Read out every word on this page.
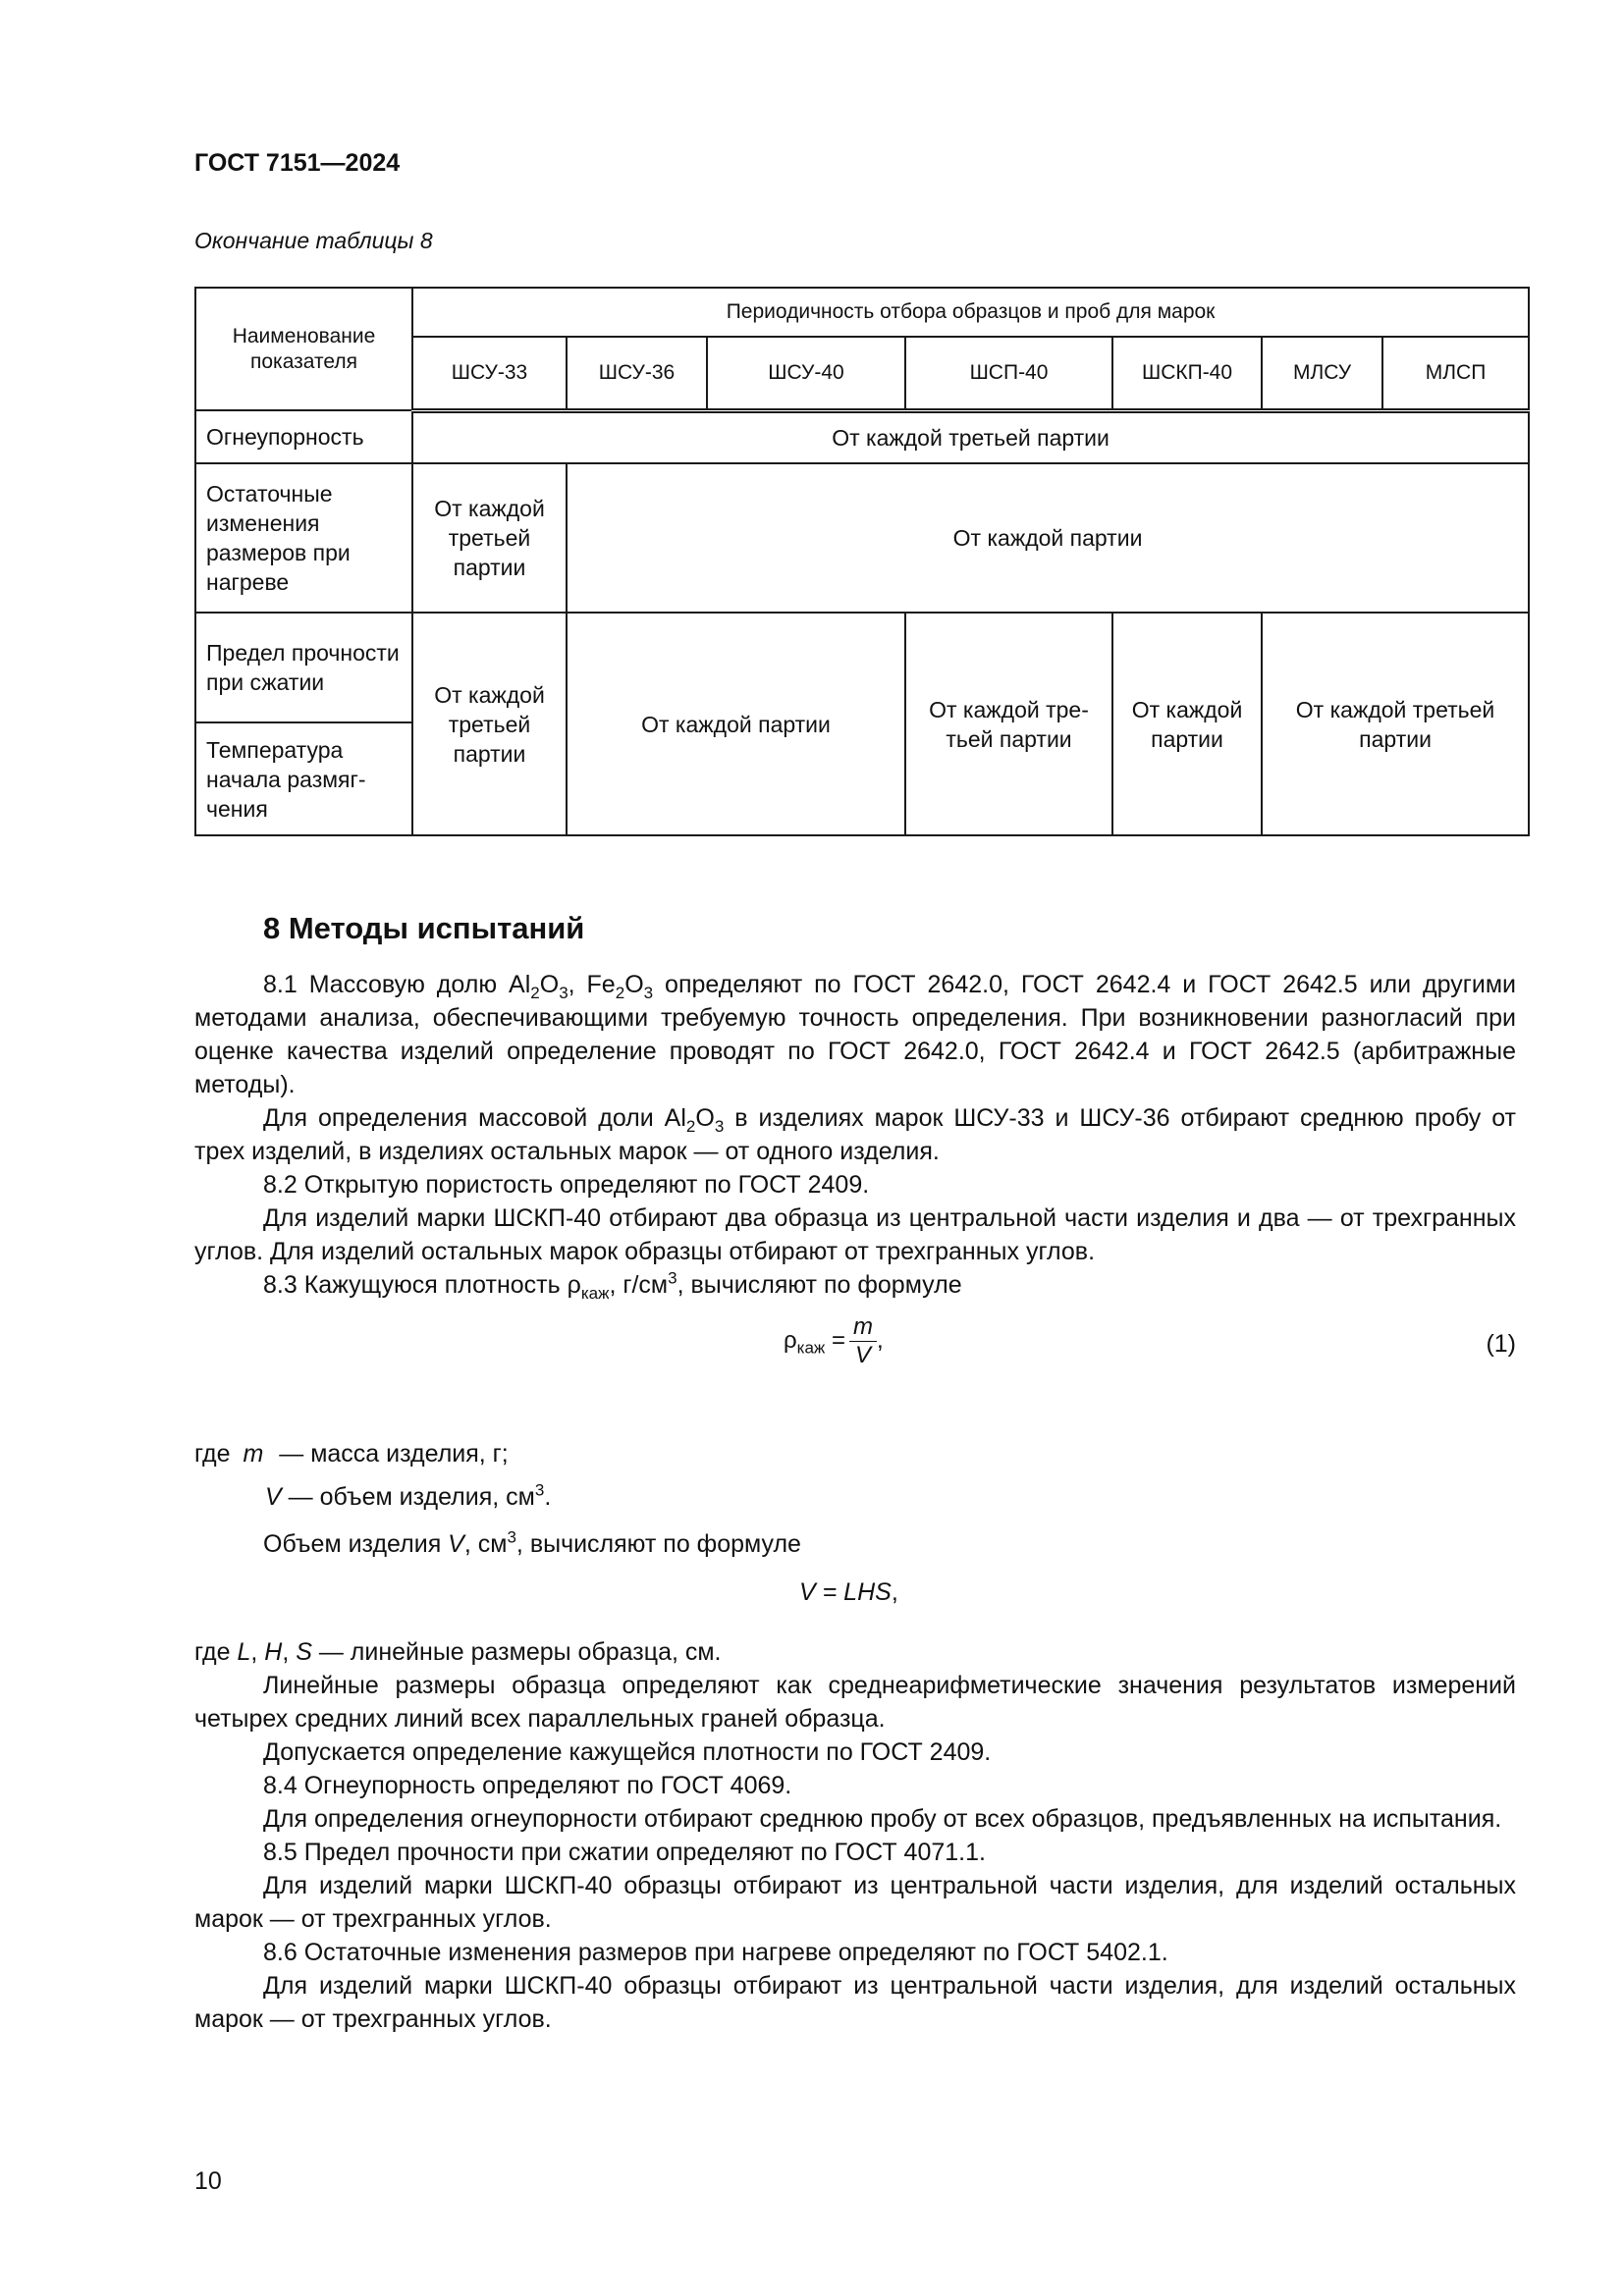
ГОСТ 7151—2024
Окончание таблицы 8
Наименование показателя	Периодичность отбора образцов и проб для марок						
	ШСУ-33	ШСУ-36	ШСУ-40	ШСП-40	ШСКП-40	МЛСУ	МЛСП
Огнеупорность	От каждой третьей партии						
Остаточные изменения размеров при нагреве	От каждой третьей партии	От каждой партии					
Предел прочности при сжатии	От каждой третьей партии	От каждой партии		От каждой тре-тьей партии	От каждой партии	От каждой третьей партии	
Температура начала размяг-чения							
8 Методы испытаний

8.1 Массовую долю $Al_2O_3$, $Fe_2O_3$ определяют по ГОСТ 2642.0, ГОСТ 2642.4 и ГОСТ 2642.5 или другими методами анализа, обеспечивающими требуемую точность определения. При возникновении разногласий при оценке качества изделий определение проводят по ГОСТ 2642.0, ГОСТ 2642.4 и ГОСТ 2642.5 (арбитражные методы).

Для определения массовой доли $Al_2O_3$ в изделиях марок ШСУ-33 и ШСУ-36 отбирают среднюю пробу от трех изделий, в изделиях остальных марок — от одного изделия.

8.2 Открытую пористость определяют по ГОСТ 2409.

Для изделий марки ШСКП-40 отбирают два образца из центральной части изделия и два — от трехгранных углов. Для изделий остальных марок образцы отбирают от трехгранных углов.

8.3 Кажущуюся плотность $\rho_{каж}$, $г/см^3$, вычисляют по формуле

$\rho_{каж} = \frac{m}{V}$ ,	(1)
где m — масса изделия, г;
V — объем изделия, $см^3$.
Объем изделия V, $см^3$, вычисляют по формуле
V = LHS,

где L, H, S — линейные размеры образца, см.

Линейные размеры образца определяют как среднеарифметические значения результатов измерений четырех средних линий всех параллельных граней образца.

Допускается определение кажущейся плотности по ГОСТ 2409.

8.4 Огнеупорность определяют по ГОСТ 4069.

Для определения огнеупорности отбирают среднюю пробу от всех образцов, предъявленных на испытания.

8.5 Предел прочности при сжатии определяют по ГОСТ 4071.1.

Для изделий марки ШСКП-40 образцы отбирают из центральной части изделия, для изделий остальных марок — от трехгранных углов.

8.6 Остаточные изменения размеров при нагреве определяют по ГОСТ 5402.1.

Для изделий марки ШСКП-40 образцы отбирают из центральной части изделия, для изделий остальных марок — от трехгранных углов.

10
